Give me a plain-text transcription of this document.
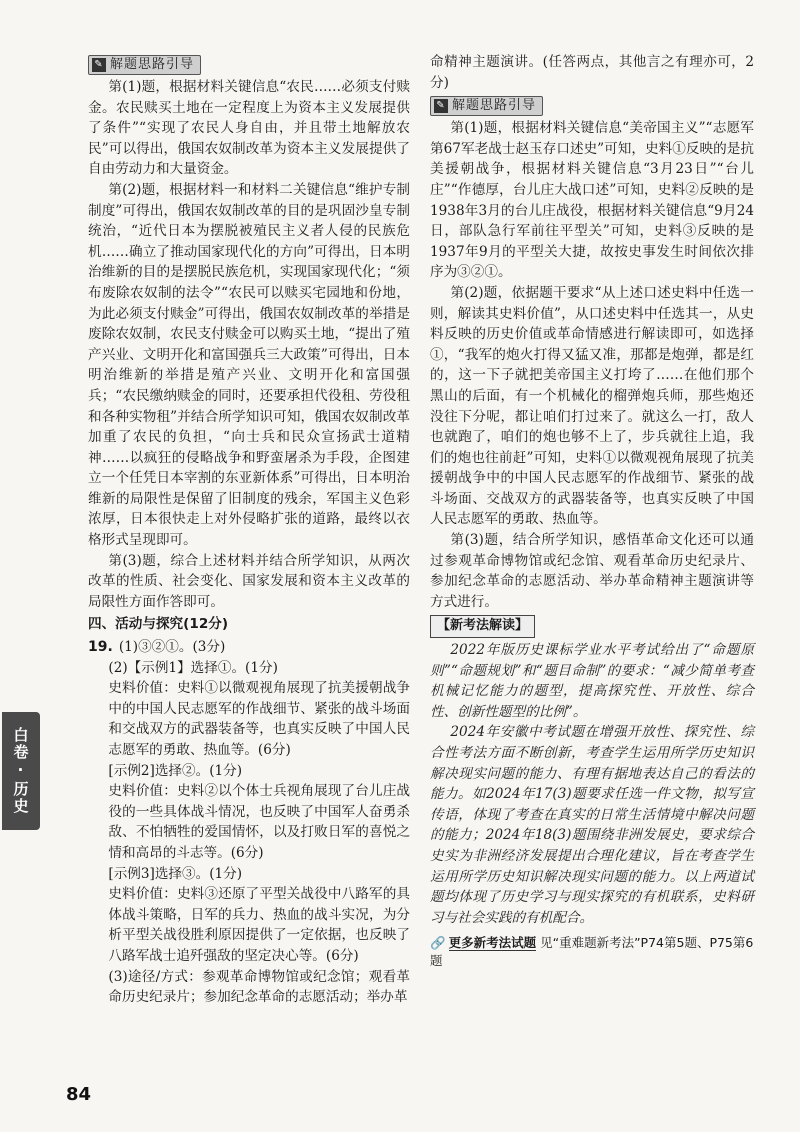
✎ 解题思路引导

第(1)题，根据材料关键信息“农民……必须支付赎金。农民赎买土地在一定程度上为资本主义发展提供了条件”“实现了农民人身自由，并且带土地解放农民”可以得出，俄国农奴制改革为资本主义发展提供了自由劳动力和大量资金。

第(2)题，根据材料一和材料二关键信息“维护专制制度”可得出，俄国农奴制改革的目的是巩固沙皇专制统治，“近代日本为摆脱被殖民主义者人侵的民族危机……确立了推动国家现代化的方向”可得出，日本明治维新的目的是摆脱民族危机，实现国家现代化；“须布废除农奴制的法令”“农民可以赎买宅园地和份地，为此必须支付赎金”可得出，俄国农奴制改革的举措是废除农奴制，农民支付赎金可以购买土地，“提出了殖产兴业、文明开化和富国强兵三大政策”可得出，日本明治维新的举措是殖产兴业、文明开化和富国强兵；“农民缴纳赎金的同时，还要承担代役租、劳役租和各种实物租”并结合所学知识可知，俄国农奴制改革加重了农民的负担，“向士兵和民众宣扬武士道精神……以疯狂的侵略战争和野蛮屠杀为手段，企图建立一个任凭日本宰割的东亚新体系”可得出，日本明治维新的局限性是保留了旧制度的残余，军国主义色彩浓厚，日本很快走上对外侵略扩张的道路，最终以衣格形式呈现即可。

第(3)题，综合上述材料并结合所学知识，从两次改革的性质、社会变化、国家发展和资本主义改革的局限性方面作答即可。

四、活动与探究(12分)

19. (1)③②①。(3分)

(2)【示例1】选择①。(1分)

史料价值：史料①以微观视角展现了抗美援朝战争中的中国人民志愿军的作战细节、紧张的战斗场面和交战双方的武器装备等，也真实反映了中国人民志愿军的勇敢、热血等。(6分)

[示例2]选择②。(1分)

史料价值：史料②以个体士兵视角展现了台儿庄战役的一些具体战斗情况，也反映了中国军人奋勇杀敌、不怕牺牲的爱国情怀，以及打败日军的喜悦之情和高昂的斗志等。(6分)

[示例3]选择③。(1分)

史料价值：史料③还原了平型关战役中八路军的具体战斗策略，日军的兵力、热血的战斗实况，为分析平型关战役胜利原因提供了一定依据，也反映了八路军战士追歼强敌的坚定决心等。(6分)

(3)途径/方式：参观革命博物馆或纪念馆；观看革命历史纪录片；参加纪念革命的志愿活动；举办革

命精神主题演讲。(任答两点，其他言之有理亦可，2分)

✎ 解题思路引导

第(1)题，根据材料关键信息“美帝国主义”“志愿军第67军老战士赵玉存口述史”可知，史料①反映的是抗美援朝战争，根据材料关键信息“3月23日”“台儿庄”“作德厚，台儿庄大战口述”可知，史料②反映的是1938年3月的台儿庄战役，根据材料关键信息“9月24日，部队急行军前往平型关”可知，史料③反映的是1937年9月的平型关大捷，故按史事发生时间依次排序为③②①。

第(2)题，依据题干要求“从上述口述史料中任选一则，解读其史料价值”，从口述史料中任选其一，从史料反映的历史价值或革命情感进行解读即可，如选择①，“我军的炮火打得又猛又准，那都是炮弹，都是红的，这一下子就把美帝国主义打垮了……在他们那个黑山的后面，有一个机械化的榴弹炮兵师，那些炮还没往下分呢，都让咱们打过来了。就这么一打，敌人也就跑了，咱们的炮也够不上了，步兵就往上追，我们的炮也往前赶”可知，史料①以微观视角展现了抗美援朝战争中的中国人民志愿军的作战细节、紧张的战斗场面、交战双方的武器装备等，也真实反映了中国人民志愿军的勇敢、热血等。

第(3)题，结合所学知识，感悟革命文化还可以通过参观革命博物馆或纪念馆、观看革命历史纪录片、参加纪念革命的志愿活动、举办革命精神主题演讲等方式进行。

【新考法解读】

2022年版历史课标学业水平考试给出了“命题原则”“命题规划”和“题目命制”的要求：“减少简单考查机械记忆能力的题型，提高探究性、开放性、综合性、创新性题型的比例”。

2024年安徽中考试题在增强开放性、探究性、综合性考法方面不断创新，考查学生运用所学历史知识解决现实问题的能力、有理有据地表达自己的看法的能力。如2024年17(3)题要求任选一件文物，拟写宣传语，体现了考查在真实的日常生活情境中解决问题的能力；2024年18(3)题围绕非洲发展史，要求综合史实为非洲经济发展提出合理化建议，旨在考查学生运用所学历史知识解决现实问题的能力。以上两道试题均体现了历史学习与现实探究的有机联系，史料研习与社会实践的有机配合。

🔗 更多新考法试题 见“重难题新考法”P74第5题、P75第6题
白卷·历史
84
